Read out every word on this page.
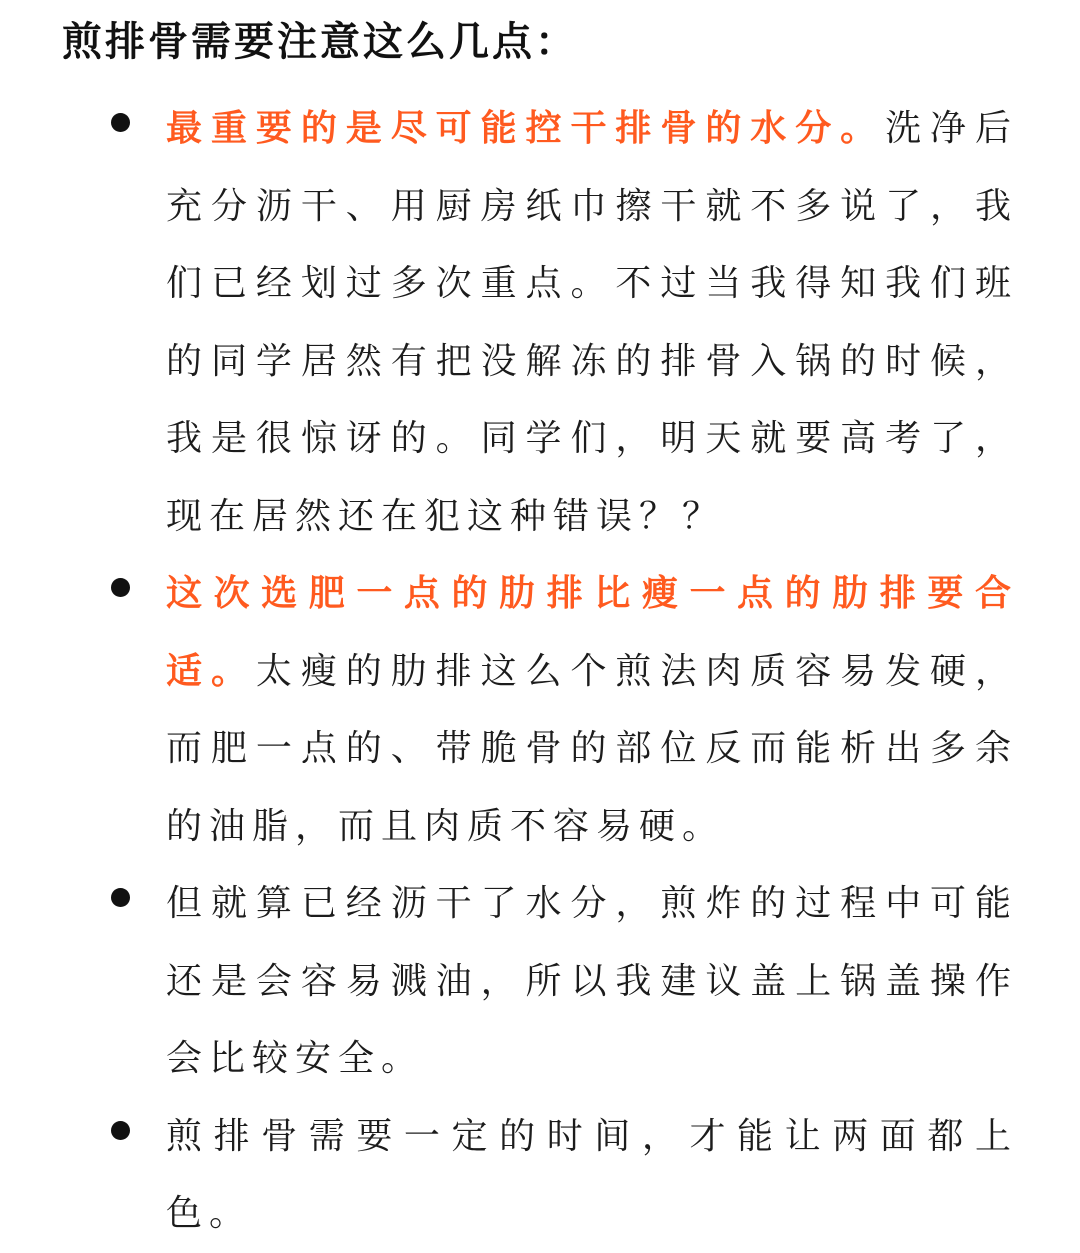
煎排骨需要注意这么几点：
最重要的是尽可能控干排骨的水分。洗净后充分沥干、用厨房纸巾擦干就不多说了，我们已经划过多次重点。不过当我得知我们班的同学居然有把没解冻的排骨入锅的时候，我是很惊讶的。同学们，明天就要高考了，现在居然还在犯这种错误？？
这次选肥一点的肋排比瘦一点的肋排要合适。太瘦的肋排这么个煎法肉质容易发硬，而肥一点的、带脆骨的部位反而能析出多余的油脂，而且肉质不容易硬。
但就算已经沥干了水分，煎炸的过程中可能还是会容易溅油，所以我建议盖上锅盖操作会比较安全。
煎排骨需要一定的时间，才能让两面都上色。
